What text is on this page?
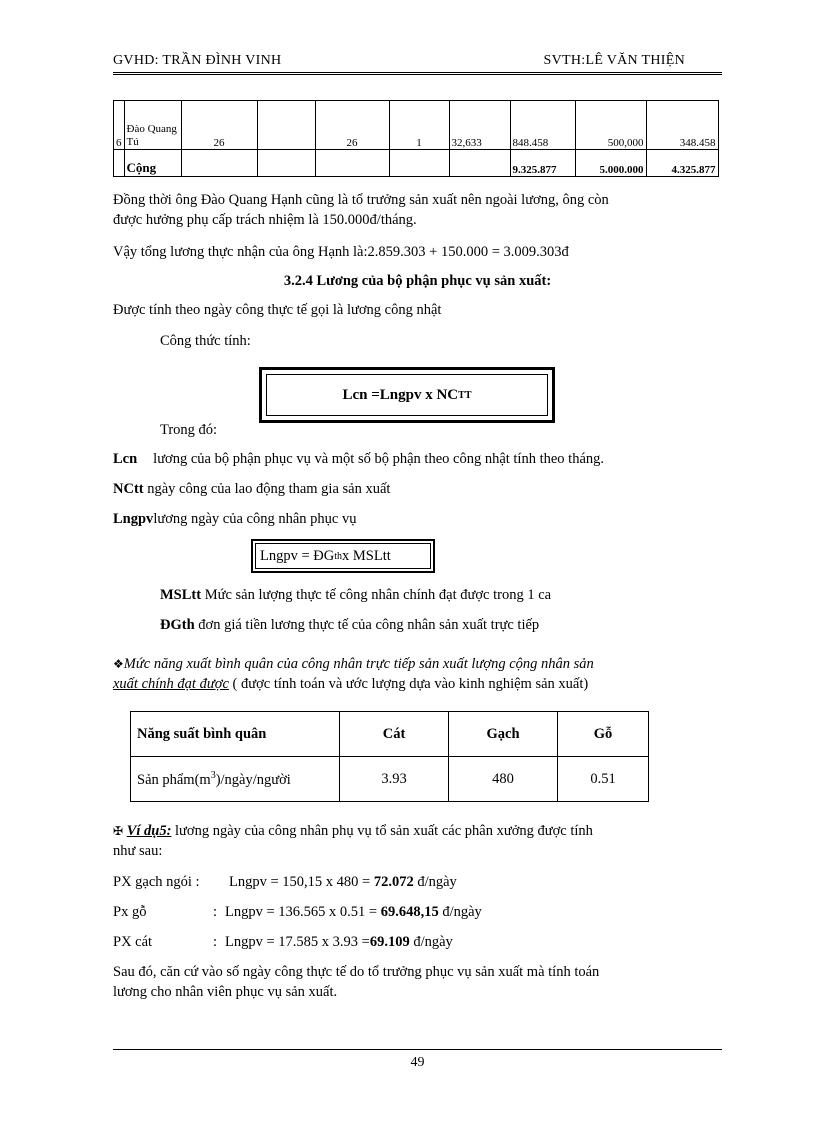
GVHD: TRẦN ĐÌNH VINH	SVTH:LÊ VĂN THIỆN
6	Đào Quang Tú	26		26	1	32,633	848.458	500,000	348.458
	Cộng						9.325.877	5.000.000	4.325.877
Đồng thời ông Đào Quang Hạnh cũng là tổ trưởng sản xuất nên ngoài lương, ông còn
được hưởng phụ cấp trách nhiệm là 150.000đ/tháng.
Vậy tổng lương thực nhận của ông Hạnh là:2.859.303 + 150.000 = 3.009.303đ
3.2.4 Lương của bộ phận phục vụ sản xuất:
Được tính theo ngày công thực tế gọi là lương công nhật
Công thức tính:
Lcn =Lngpv x NC TT
Trong đó:
Lcn lương của bộ phận phục vụ và một số bộ phận theo công nhật tính theo tháng.
NCtt ngày công của lao động tham gia sản xuất
Lngpvlương ngày của công nhân phục vụ
Lngpv = ĐG th x MSLtt
MSLtt Mức sản lượng thực tế công nhân chính đạt được trong 1 ca
ĐGth đơn giá tiền lương thực tế của công nhân sản xuất trực tiếp
❖Mức năng xuất bình quân của công nhân trực tiếp sản xuất lượng cộng nhân sản
xuất chính đạt được ( được tính toán và ước lượng dựa vào kinh nghiệm sản xuất)
Năng suất bình quân	Cát	Gạch	Gỗ
Sản $phẩm(m^3)/ngày$/người	3.93	480	0.51
✠ Ví dụ5: lương ngày của công nhân phụ vụ tổ sản xuất các phân xưởng được tính
như sau:
PX gạch ngói : Lngpv = 150,15 x 480 = 72.072 đ/ngày
Px gỗ	: Lngpv = 136.565 x 0.51 = 69.648,15 đ/ngày
PX cát	: Lngpv = 17.585 x 3.93 =69.109 đ/ngày
Sau đó, căn cứ vào số ngày công thực tế do tổ trưởng phục vụ sản xuất mà tính toán
lương cho nhân viên phục vụ sản xuất.
49
